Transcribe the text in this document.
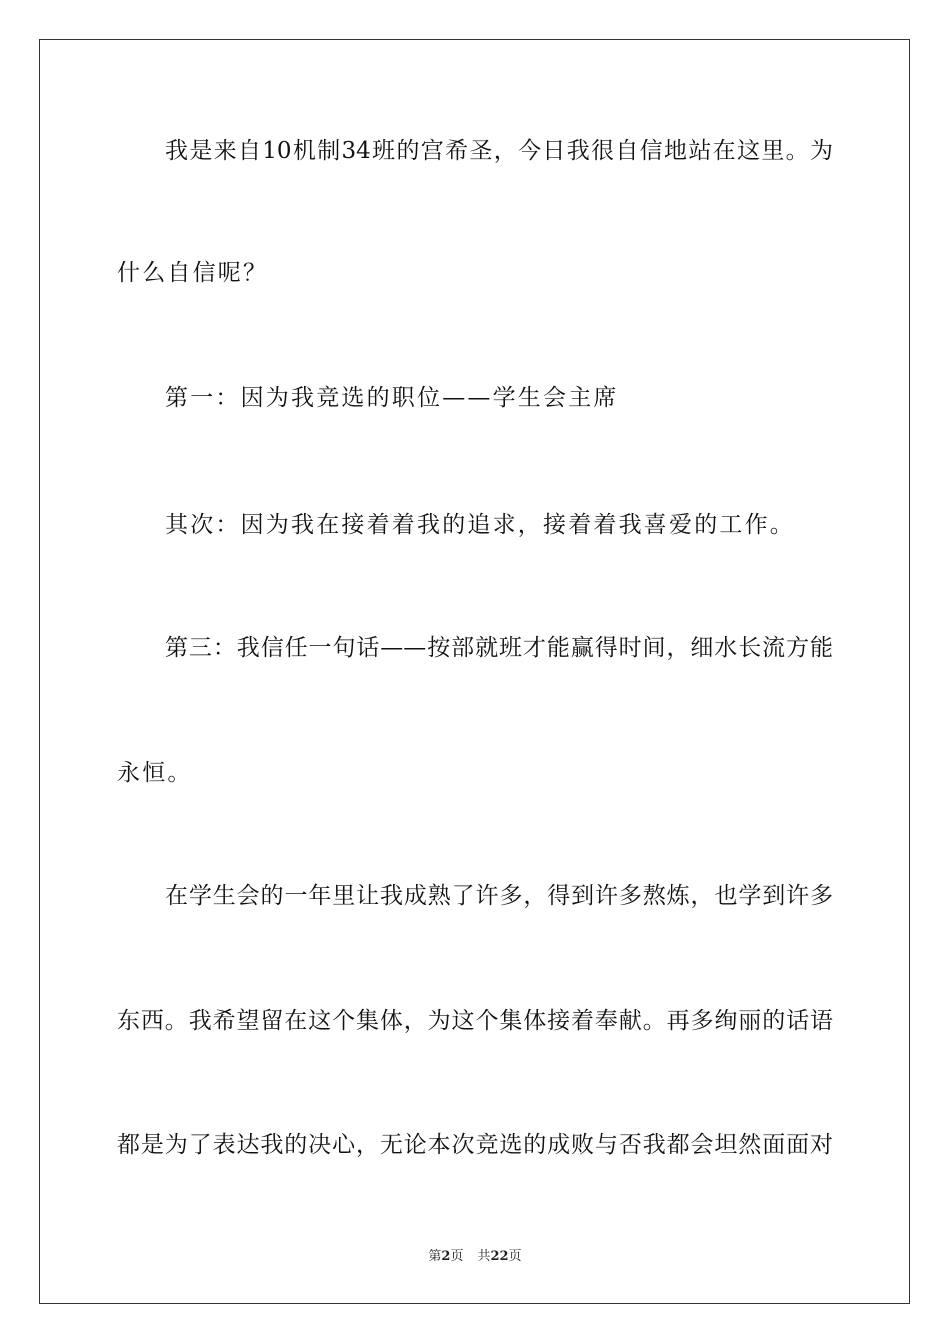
我是来自10机制34班的宫希圣，今日我很自信地站在这里。为
什么自信呢？
第一：因为我竞选的职位——学生会主席
其次：因为我在接着着我的追求，接着着我喜爱的工作。
第三：我信任一句话——按部就班才能赢得时间，细水长流方能
永恒。
在学生会的一年里让我成熟了许多，得到许多熬炼，也学到许多
东西。我希望留在这个集体，为这个集体接着奉献。再多绚丽的话语
都是为了表达我的决心，无论本次竞选的成败与否我都会坦然面面对
第2页 共22页
